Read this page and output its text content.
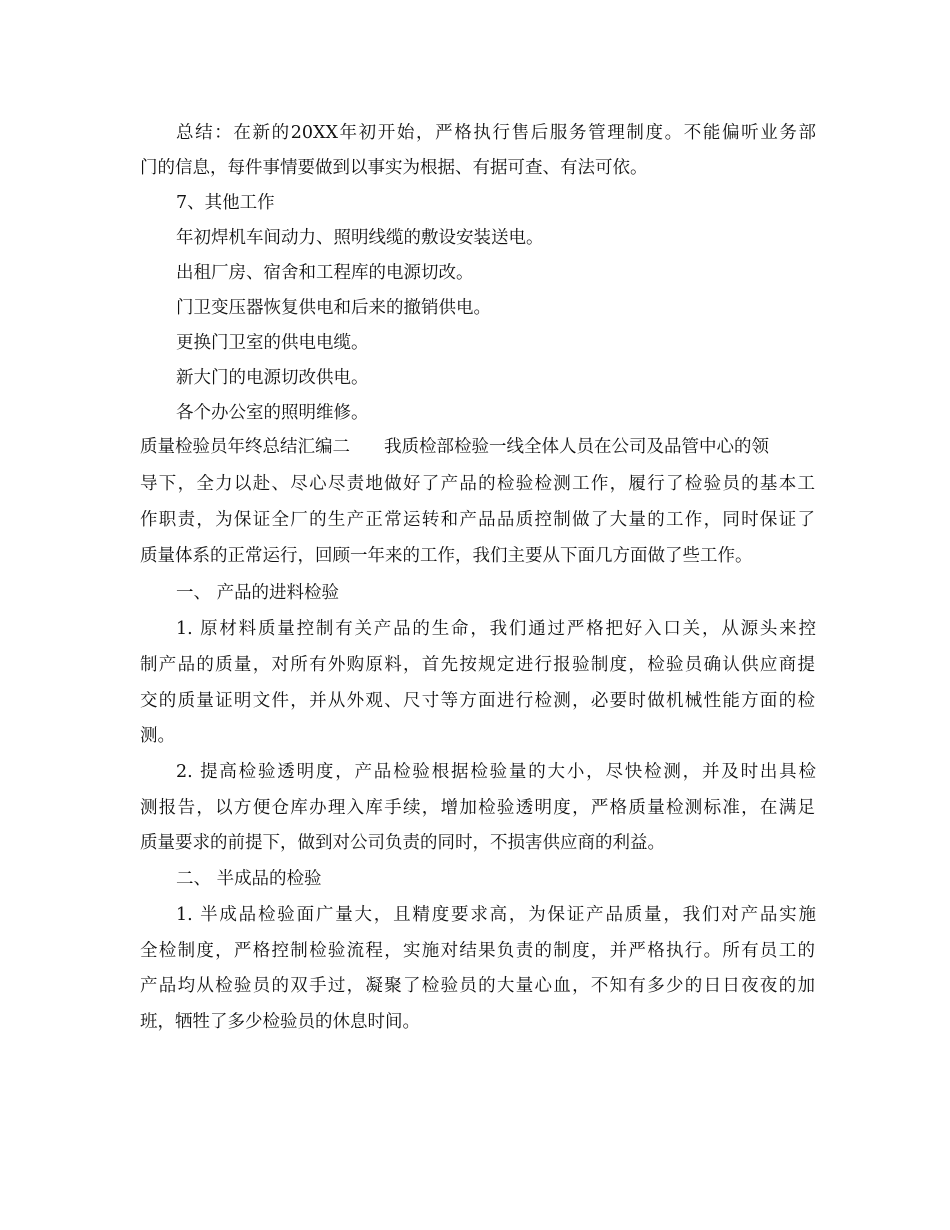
总结：在新的20XX年初开始，严格执行售后服务管理制度。不能偏听业务部
门的信息，每件事情要做到以事实为根据、有据可查、有法可依。
7、其他工作
年初焊机车间动力、照明线缆的敷设安装送电。
出租厂房、宿舍和工程库的电源切改。
门卫变压器恢复供电和后来的撤销供电。
更换门卫室的供电电缆。
新大门的电源切改供电。
各个办公室的照明维修。
质量检验员年终总结汇编二 我质检部检验一线全体人员在公司及品管中心的领
导下，全力以赴、尽心尽责地做好了产品的检验检测工作，履行了检验员的基本工
作职责，为保证全厂的生产正常运转和产品品质控制做了大量的工作，同时保证了
质量体系的正常运行，回顾一年来的工作，我们主要从下面几方面做了些工作。
一、 产品的进料检验
1. 原材料质量控制有关产品的生命，我们通过严格把好入口关，从源头来控
制产品的质量，对所有外购原料，首先按规定进行报验制度，检验员确认供应商提
交的质量证明文件，并从外观、尺寸等方面进行检测，必要时做机械性能方面的检
测。
2. 提高检验透明度，产品检验根据检验量的大小，尽快检测，并及时出具检
测报告，以方便仓库办理入库手续，增加检验透明度，严格质量检测标准，在满足
质量要求的前提下，做到对公司负责的同时，不损害供应商的利益。
二、 半成品的检验
1. 半成品检验面广量大，且精度要求高，为保证产品质量，我们对产品实施
全检制度，严格控制检验流程，实施对结果负责的制度，并严格执行。所有员工的
产品均从检验员的双手过，凝聚了检验员的大量心血，不知有多少的日日夜夜的加
班，牺牲了多少检验员的休息时间。
